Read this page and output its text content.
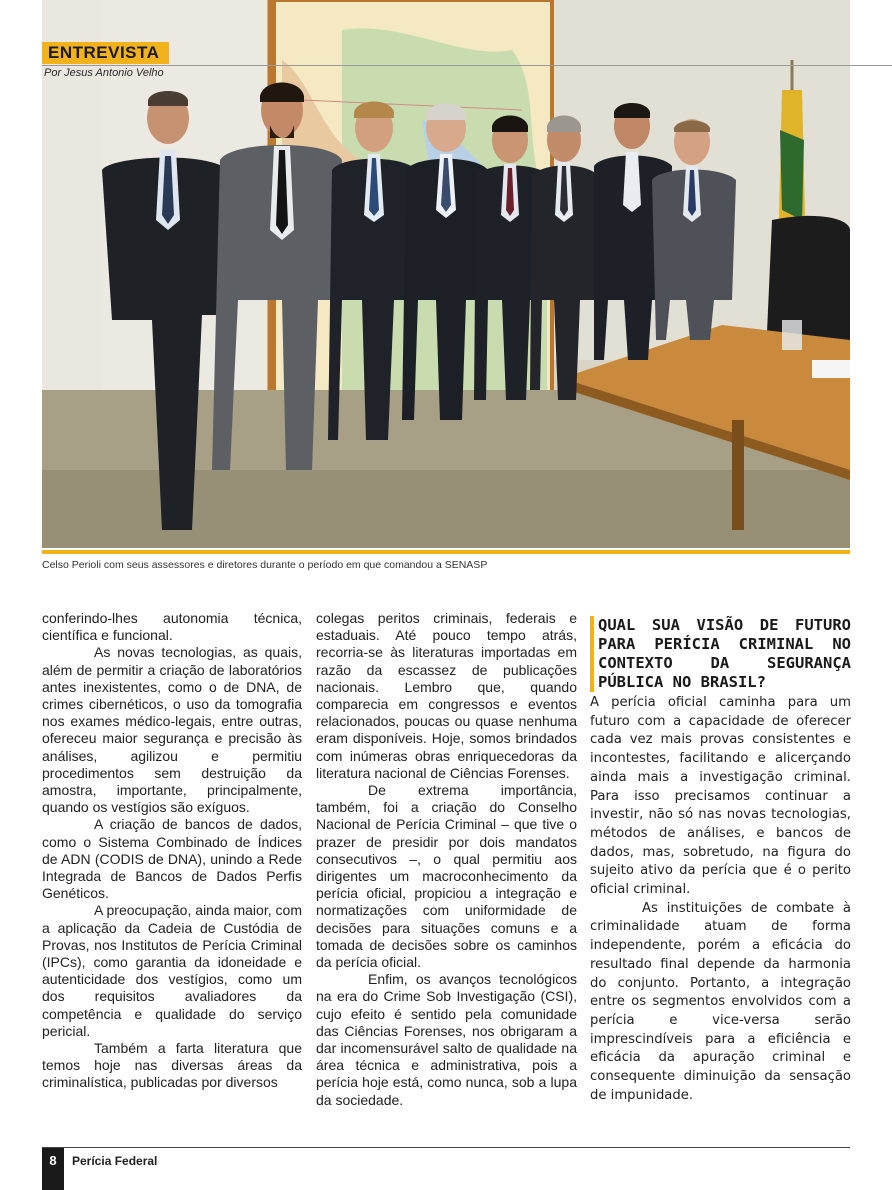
ENTREVISTA
Por Jesus Antonio Velho
Celso Perioli com seus assessores e diretores durante o período em que comandou a SENASP

conferindo-lhes autonomia técnica, científica e funcional.

As novas tecnologias, as quais, além de permitir a criação de laboratórios antes inexistentes, como o de DNA, de crimes cibernéticos, o uso da tomografia nos exames médico-legais, entre outras, ofereceu maior segurança e precisão às análises, agilizou e permitiu procedimentos sem destruição da amostra, importante, principalmente, quando os vestígios são exíguos.

A criação de bancos de dados, como o Sistema Combinado de Índices de ADN (CODIS de DNA), unindo a Rede Integrada de Bancos de Dados Perfis Genéticos.

A preocupação, ainda maior, com a aplicação da Cadeia de Custódia de Provas, nos Institutos de Perícia Criminal (IPCs), como garantia da idoneidade e autenticidade dos vestígios, como um dos requisitos avaliadores da competência e qualidade do serviço pericial.

Também a farta literatura que temos hoje nas diversas áreas da criminalística, publicadas por diversos

colegas peritos criminais, federais e estaduais. Até pouco tempo atrás, recorria-se às literaturas importadas em razão da escassez de publicações nacionais. Lembro que, quando comparecia em congressos e eventos relacionados, poucas ou quase nenhuma eram disponíveis. Hoje, somos brindados com inúmeras obras enriquecedoras da literatura nacional de Ciências Forenses.

De extrema importância, também, foi a criação do Conselho Nacional de Perícia Criminal – que tive o prazer de presidir por dois mandatos consecutivos –, o qual permitiu aos dirigentes um macroconhecimento da perícia oficial, propiciou a integração e normatizações com uniformidade de decisões para situações comuns e a tomada de decisões sobre os caminhos da perícia oficial.

Enfim, os avanços tecnológicos na era do Crime Sob Investigação (CSI), cujo efeito é sentido pela comunidade das Ciências Forenses, nos obrigaram a dar incomensurável salto de qualidade na área técnica e administrativa, pois a perícia hoje está, como nunca, sob a lupa da sociedade.

QUAL SUA VISÃO DE FUTURO PARA PERÍCIA CRIMINAL NO CONTEXTO DA SEGURANÇA PÚBLICA NO BRASIL?

A perícia oficial caminha para um futuro com a capacidade de oferecer cada vez mais provas consistentes e incontestes, facilitando e alicerçando ainda mais a investigação criminal. Para isso precisamos continuar a investir, não só nas novas tecnologias, métodos de análises, e bancos de dados, mas, sobretudo, na figura do sujeito ativo da perícia que é o perito oficial criminal.

As instituições de combate à criminalidade atuam de forma independente, porém a eficácia do resultado final depende da harmonia do conjunto. Portanto, a integração entre os segmentos envolvidos com a perícia e vice-versa serão imprescindíveis para a eficiência e eficácia da apuração criminal e consequente diminuição da sensação de impunidade.

8	Perícia Federal
